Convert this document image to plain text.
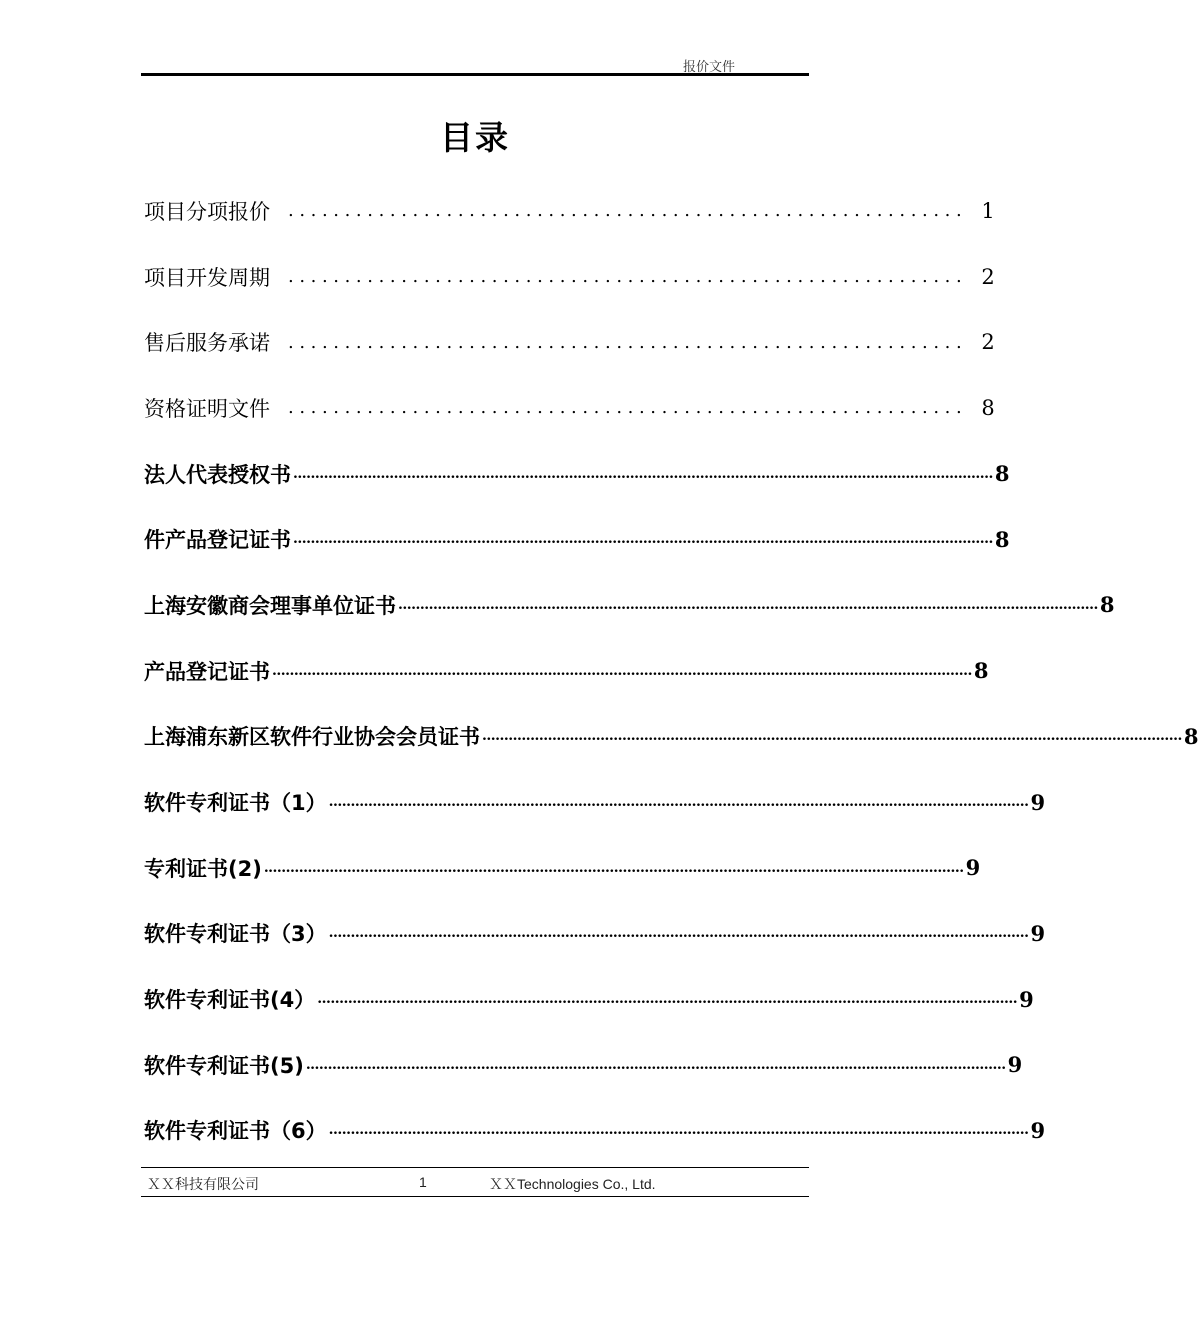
报价文件
目录
项目分项报价	............................................................ 1
项目开发周期	............................................................ 2
售后服务承诺	............................................................ 2
资格证明文件	............................................................ 8
法人代表授权书 ................................................................................................................................................................ 8
件产品登记证书 ................................................................................................................................................................ 8
上海安徽商会理事单位证书 ................................................................................................................................................................ 8
产品登记证书 ................................................................................................................................................................ 8
上海浦东新区软件行业协会会员证书 ................................................................................................................................................................ 8
软件专利证书（1） ................................................................................................................................................................ 9
专利证书(2) ................................................................................................................................................................ 9
软件专利证书（3） ................................................................................................................................................................ 9
软件专利证书(4） ................................................................................................................................................................ 9
软件专利证书(5) ................................................................................................................................................................ 9
软件专利证书（6） ................................................................................................................................................................ 9
ＸＸ科技有限公司	1	ＸＸTechnologies Co., Ltd.
